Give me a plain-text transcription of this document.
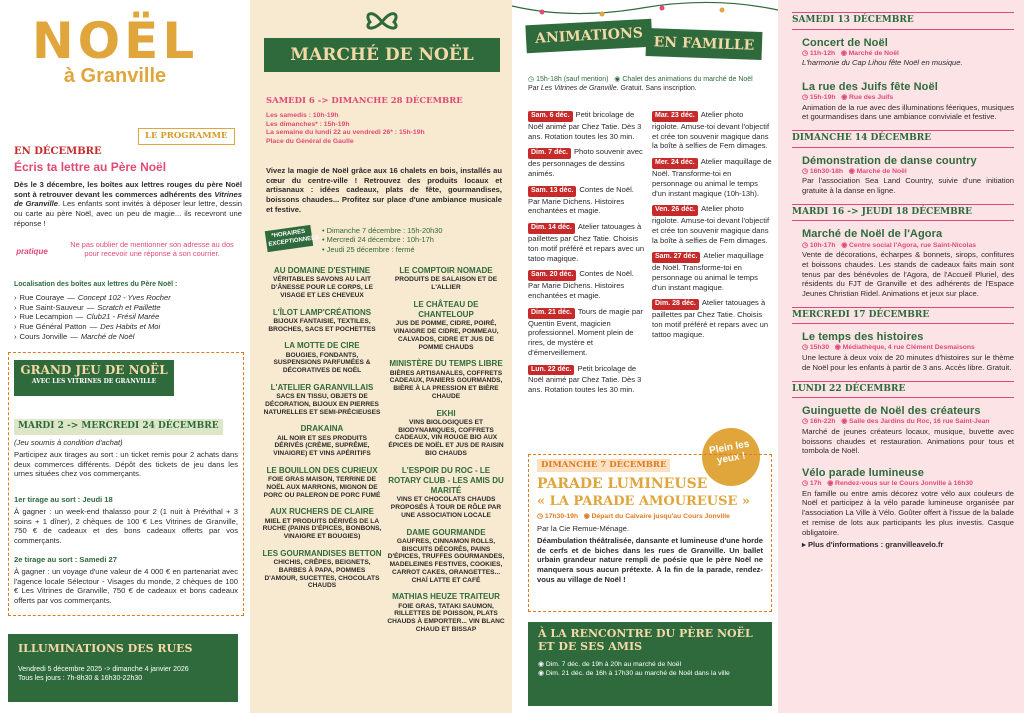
NOËL
à Granville
LE PROGRAMME
EN DÉCEMBRE
Écris ta lettre au Père Noël

Dès le 3 décembre, les boîtes aux lettres rouges du père Noël sont à retrouver devant les commerces adhérents des Vitrines de Granville. Les enfants sont invités à déposer leur lettre, dessin ou carte au père Noël, avec un peu de magie... ils recevront une réponse !

pratique

Ne pas oublier de mentionner son adresse au dos pour recevoir une réponse à son courrier.

Localisation des boîtes aux lettres du Père Noël :
› Rue Couraye — Concept 102 - Yves Rocher
› Rue Saint-Sauveur — Scratch et Paillette
› Rue Lecampion — Club21 - Frésil Marée
› Rue Général Patton — Des Habits et Moi
› Cours Jonville — Marché de Noël
GRAND JEU DE NOËL
AVEC LES VITRINES DE GRANVILLE
MARDI 2 -> MERCREDI 24 DÉCEMBRE
(Jeu soumis à condition d'achat)

Participez aux tirages au sort : un ticket remis pour 2 achats dans deux commerces différents. Dépôt des tickets de jeu dans les urnes situées chez vos commerçants.

1er tirage au sort : Jeudi 18

À gagner : un week-end thalasso pour 2 (1 nuit à Prévithal + 3 soins + 1 dîner), 2 chèques de 100 € Les Vitrines de Granville, 750 € de cadeaux et des bons cadeaux offerts par vos commerçants.

2e tirage au sort : Samedi 27

À gagner : un voyage d'une valeur de 4 000 € en partenariat avec l'agence locale Sélectour - Visages du monde, 2 chèques de 100 € Les Vitrines de Granville, 750 € de cadeaux et bons cadeaux offerts par vos commerçants.

ILLUMINATIONS DES RUES
Vendredi 5 décembre 2025 -> dimanche 4 janvier 2026
Tous les jours : 7h-8h30 & 16h30-22h30
MARCHÉ DE NOËL
SAMEDI 6 -> DIMANCHE 28 DÉCEMBRE
Les samedis : 10h-19h
Les dimanches* : 15h-19h
La semaine du lundi 22 au vendredi 26* : 15h-19h
Place du Général de Gaulle

Vivez la magie de Noël grâce aux 16 chalets en bois, installés au cœur du centre-ville ! Retrouvez des produits locaux et artisanaux : idées cadeaux, plats de fête, gourmandises, boissons chaudes... Profitez sur place d'une ambiance musicale et festive.

*HORAIRES EXCEPTIONNELS
• Dimanche 7 décembre : 15h-20h30
• Mercredi 24 décembre : 10h-17h
• Jeudi 25 décembre : fermé
AU DOMAINE D'ESTHINE
VÉRITABLES SAVONS AU LAIT D'ÂNESSE POUR LE CORPS, LE VISAGE ET LES CHEVEUX
L'ÎLOT LAMP'CRÉATIONS
BIJOUX FANTAISIE, TEXTILES, BROCHES, SACS ET POCHETTES
LA MOTTE DE CIRE
BOUGIES, FONDANTS, SUSPENSIONS PARFUMÉES & DÉCORATIVES DE NOËL
L'ATELIER GARANVILLAIS
SACS EN TISSU, OBJETS DE DÉCORATION, BIJOUX EN PIERRES NATURELLES ET SEMI-PRÉCIEUSES
DRAKAINA
AIL NOIR ET SES PRODUITS DÉRIVÉS (CRÈME, SUPRÊME, VINAIGRE) ET VINS APÉRITIFS
LE BOUILLON DES CURIEUX
FOIE GRAS MAISON, TERRINE DE NOËL AUX MARRONS, MIGNON DE PORC OU PALERON DE PORC FUMÉ
AUX RUCHERS DE CLAIRE
MIEL ET PRODUITS DÉRIVÉS DE LA RUCHE (PAINS D'ÉPICES, BONBONS, VINAIGRE ET BOUGIES)
LES GOURMANDISES BETTON
CHICHIS, CRÊPES, BEIGNETS, BARBES À PAPA, POMMES D'AMOUR, SUCETTES, CHOCOLATS CHAUDS
LE COMPTOIR NOMADE
PRODUITS DE SALAISON ET DE L'ALLIER
LE CHÂTEAU DE CHANTELOUP
JUS DE POMME, CIDRE, POIRÉ, VINAIGRE DE CIDRE, POMMEAU, CALVADOS, CIDRE ET JUS DE POMME CHAUDS
MINISTÈRE DU TEMPS LIBRE
BIÈRES ARTISANALES, COFFRETS CADEAUX, PANIERS GOURMANDS, BIÈRE À LA PRESSION ET BIÈRE CHAUDE
EKHI
VINS BIOLOGIQUES ET BIODYNAMIQUES, COFFRETS CADEAUX, VIN ROUGE BIO AUX ÉPICES DE NOËL ET JUS DE RAISIN BIO CHAUDS
L'ESPOIR DU ROC - LE ROTARY CLUB - LES AMIS DU MARITÉ
VINS ET CHOCOLATS CHAUDS PROPOSÉS À TOUR DE RÔLE PAR UNE ASSOCIATION LOCALE
DAME GOURMANDE
GAUFRES, CINNAMON ROLLS, BISCUITS DÉCORÉS, PAINS D'ÉPICES, TRUFFES GOURMANDES, MADELEINES FESTIVES, COOKIES, CARROT CAKES, ORANGETTES... CHAÏ LATTE ET CAFÉ
MATHIAS HEUZE TRAITEUR
FOIE GRAS, TATAKI SAUMON, RILLETTES DE POISSON, PLATS CHAUDS À EMPORTER... VIN BLANC CHAUD ET BISSAP
ANIMATIONS EN FAMILLE
◷ 15h-18h (sauf mention) ◉ Chalet des animations du marché de Noël
Par Les Vitrines de Granville. Gratuit. Sans inscription.
Sam. 6 déc. Petit bricolage de Noël animé par Chez Tatie. Dès 3 ans. Rotation toutes les 30 min.
Dim. 7 déc. Photo souvenir avec des personnages de dessins animés.
Sam. 13 déc. Contes de Noël. Par Marie Dichens. Histoires enchantées et magie.
Dim. 14 déc. Atelier tatouages à paillettes par Chez Tatie. Choisis ton motif préféré et repars avec un tatoo magique.
Sam. 20 déc. Contes de Noël. Par Marie Dichens. Histoires enchantées et magie.
Dim. 21 déc. Tours de magie par Quentin Event, magicien professionnel. Moment plein de rires, de mystère et d'émerveillement.
Lun. 22 déc. Petit bricolage de Noël animé par Chez Tatie. Dès 3 ans. Rotation toutes les 30 min.
Mar. 23 déc. Atelier photo rigolote. Amuse-toi devant l'objectif et crée ton souvenir magique dans la boîte à selfies de Fem dimages.
Mer. 24 déc. Atelier maquillage de Noël. Transforme-toi en personnage ou animal le temps d'un instant magique (10h-13h).
Ven. 26 déc. Atelier photo rigolote. Amuse-toi devant l'objectif et crée ton souvenir magique dans la boîte à selfies de Fem dimages.
Sam. 27 déc. Atelier maquillage de Noël. Transforme-toi en personnage ou animal le temps d'un instant magique.
Dim. 28 déc. Atelier tatouages à paillettes par Chez Tatie. Choisis ton motif préféré et repars avec un tattoo magique.
Plein les yeux !
DIMANCHE 7 DÉCEMBRE
PARADE LUMINEUSE
« LA PARADE AMOUREUSE »
◷ 17h30-19h ◉ Départ du Calvaire jusqu'au Cours Jonville
Par la Cie Remue-Ménage.

Déambulation théâtralisée, dansante et lumineuse d'une horde de cerfs et de biches dans les rues de Granville. Un ballet urbain grandeur nature rempli de poésie que le père Noël ne manquera sous aucun prétexte. À la fin de la parade, rendez-vous au village de Noël !

À LA RENCONTRE DU PÈRE NOËL ET DE SES AMIS
◉ Dim. 7 déc. de 19h à 20h au marché de Noël
◉ Dim. 21 déc. de 16h à 17h30 au marché de Noël dans la ville
SAMEDI 13 DÉCEMBRE
Concert de Noël
◷ 11h-12h ◉ Marché de Noël
L'harmonie du Cap Lihou fête Noël en musique.
La rue des Juifs fête Noël
◷ 15h-19h ◉ Rue des Juifs
Animation de la rue avec des illuminations féeriques, musiques et gourmandises dans une ambiance conviviale et festive.
DIMANCHE 14 DÉCEMBRE
Démonstration de danse country
◷ 16h30-18h ◉ Marché de Noël
Par l'association Sea Land Country, suivie d'une initiation gratuite à la danse en ligne.
MARDI 16 -> JEUDI 18 DÉCEMBRE
Marché de Noël de l'Agora
◷ 10h-17h ◉ Centre social l'Agora, rue Saint-Nicolas
Vente de décorations, écharpes & bonnets, sirops, confitures et boissons chaudes. Les stands de cadeaux faits main sont tenus par des bénévoles de l'Agora, de l'Accueil Pluriel, des résidents du FJT de Granville et des adhérents de l'Espace Jeunes Christian Ridel. Animations et jeux sur place.
MERCREDI 17 DÉCEMBRE
Le temps des histoires
◷ 15h30 ◉ Médiathèque, 4 rue Clément Desmaisons
Une lecture à deux voix de 20 minutes d'histoires sur le thème de Noël pour les enfants à partir de 3 ans. Accès libre. Gratuit.
LUNDI 22 DÉCEMBRE
Guinguette de Noël des créateurs
◷ 16h-22h ◉ Salle des Jardins du Roc, 16 rue Saint-Jean
Marché de jeunes créateurs locaux, musique, buvette avec boissons chaudes et restauration. Animations pour tous et tombola de Noël.
Vélo parade lumineuse
◷ 17h ◉ Rendez-vous sur le Cours Jonville à 16h30
En famille ou entre amis décorez votre vélo aux couleurs de Noël et participez à la vélo parade lumineuse organisée par l'association La Ville à Vélo. Goûter offert à l'issue de la balade et remise de lots aux participants les plus investis. Casque obligatoire.
▸ Plus d'informations : granvilleavelo.fr
